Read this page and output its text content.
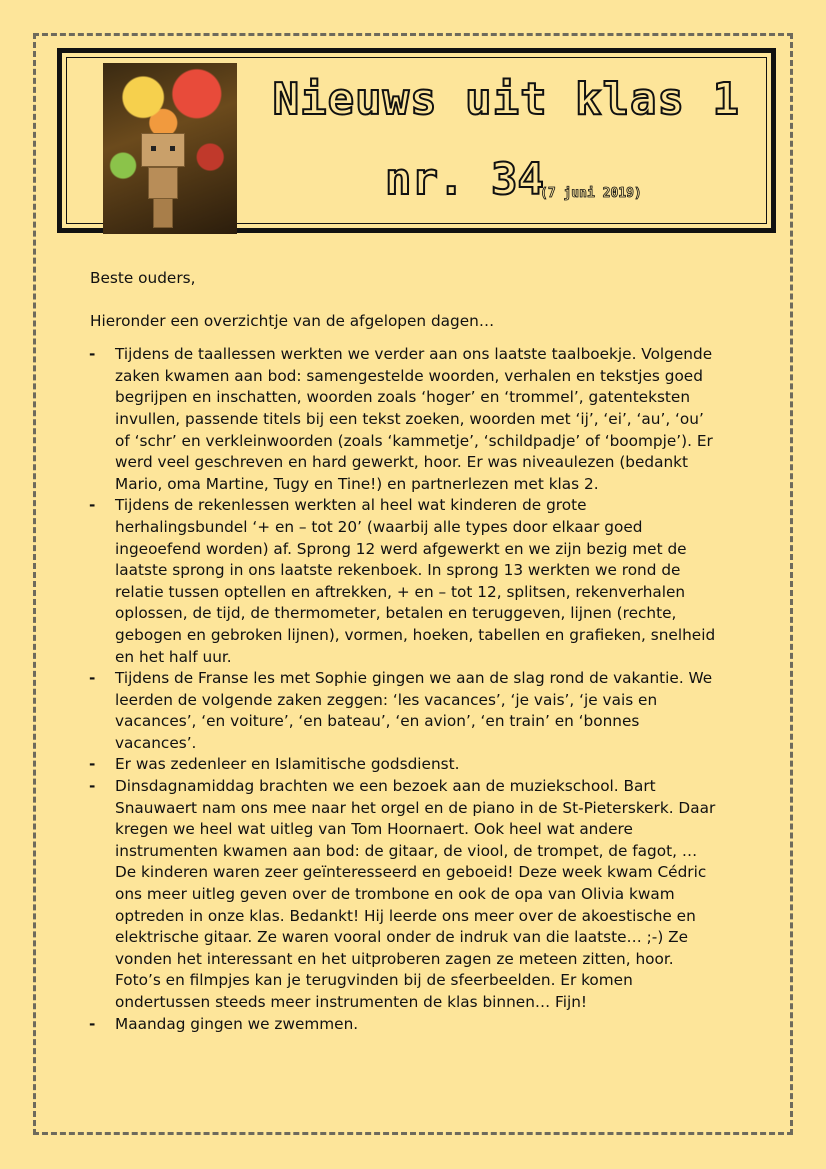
Nieuws uit klas 1
nr. 34
(7 juni 2019)

Beste ouders,

Hieronder een overzichtje van de afgelopen dagen…

- Tijdens de taallessen werkten we verder aan ons laatste taalboekje. Volgende zaken kwamen aan bod: samengestelde woorden, verhalen en tekstjes goed begrijpen en inschatten, woorden zoals ‘hoger’ en ‘trommel’, gatenteksten invullen, passende titels bij een tekst zoeken, woorden met ‘ij’, ‘ei’, ‘au’, ‘ou’ of ‘schr’ en verkleinwoorden (zoals ‘kammetje’, ‘schildpadje’ of ‘boompje’). Er werd veel geschreven en hard gewerkt, hoor. Er was niveaulezen (bedankt Mario, oma Martine, Tugy en Tine!) en partnerlezen met klas 2.
- Tijdens de rekenlessen werkten al heel wat kinderen de grote herhalingsbundel ‘+ en – tot 20’ (waarbij alle types door elkaar goed ingeoefend worden) af. Sprong 12 werd afgewerkt en we zijn bezig met de laatste sprong in ons laatste rekenboek. In sprong 13 werkten we rond de relatie tussen optellen en aftrekken, + en – tot 12, splitsen, rekenverhalen oplossen, de tijd, de thermometer, betalen en teruggeven, lijnen (rechte, gebogen en gebroken lijnen), vormen, hoeken, tabellen en grafieken, snelheid en het half uur.
- Tijdens de Franse les met Sophie gingen we aan de slag rond de vakantie. We leerden de volgende zaken zeggen: ‘les vacances’, ‘je vais’, ‘je vais en vacances’, ‘en voiture’, ‘en bateau’, ‘en avion’, ‘en train’ en ‘bonnes vacances’.
- Er was zedenleer en Islamitische godsdienst.
- Dinsdagnamiddag brachten we een bezoek aan de muziekschool. Bart Snauwaert nam ons mee naar het orgel en de piano in de St-Pieterskerk. Daar kregen we heel wat uitleg van Tom Hoornaert. Ook heel wat andere instrumenten kwamen aan bod: de gitaar, de viool, de trompet, de fagot, … De kinderen waren zeer geïnteresseerd en geboeid! Deze week kwam Cédric ons meer uitleg geven over de trombone en ook de opa van Olivia kwam optreden in onze klas. Bedankt! Hij leerde ons meer over de akoestische en elektrische gitaar. Ze waren vooral onder de indruk van die laatste… ;-) Ze vonden het interessant en het uitproberen zagen ze meteen zitten, hoor. Foto’s en filmpjes kan je terugvinden bij de sfeerbeelden. Er komen ondertussen steeds meer instrumenten de klas binnen… Fijn!
- Maandag gingen we zwemmen.
